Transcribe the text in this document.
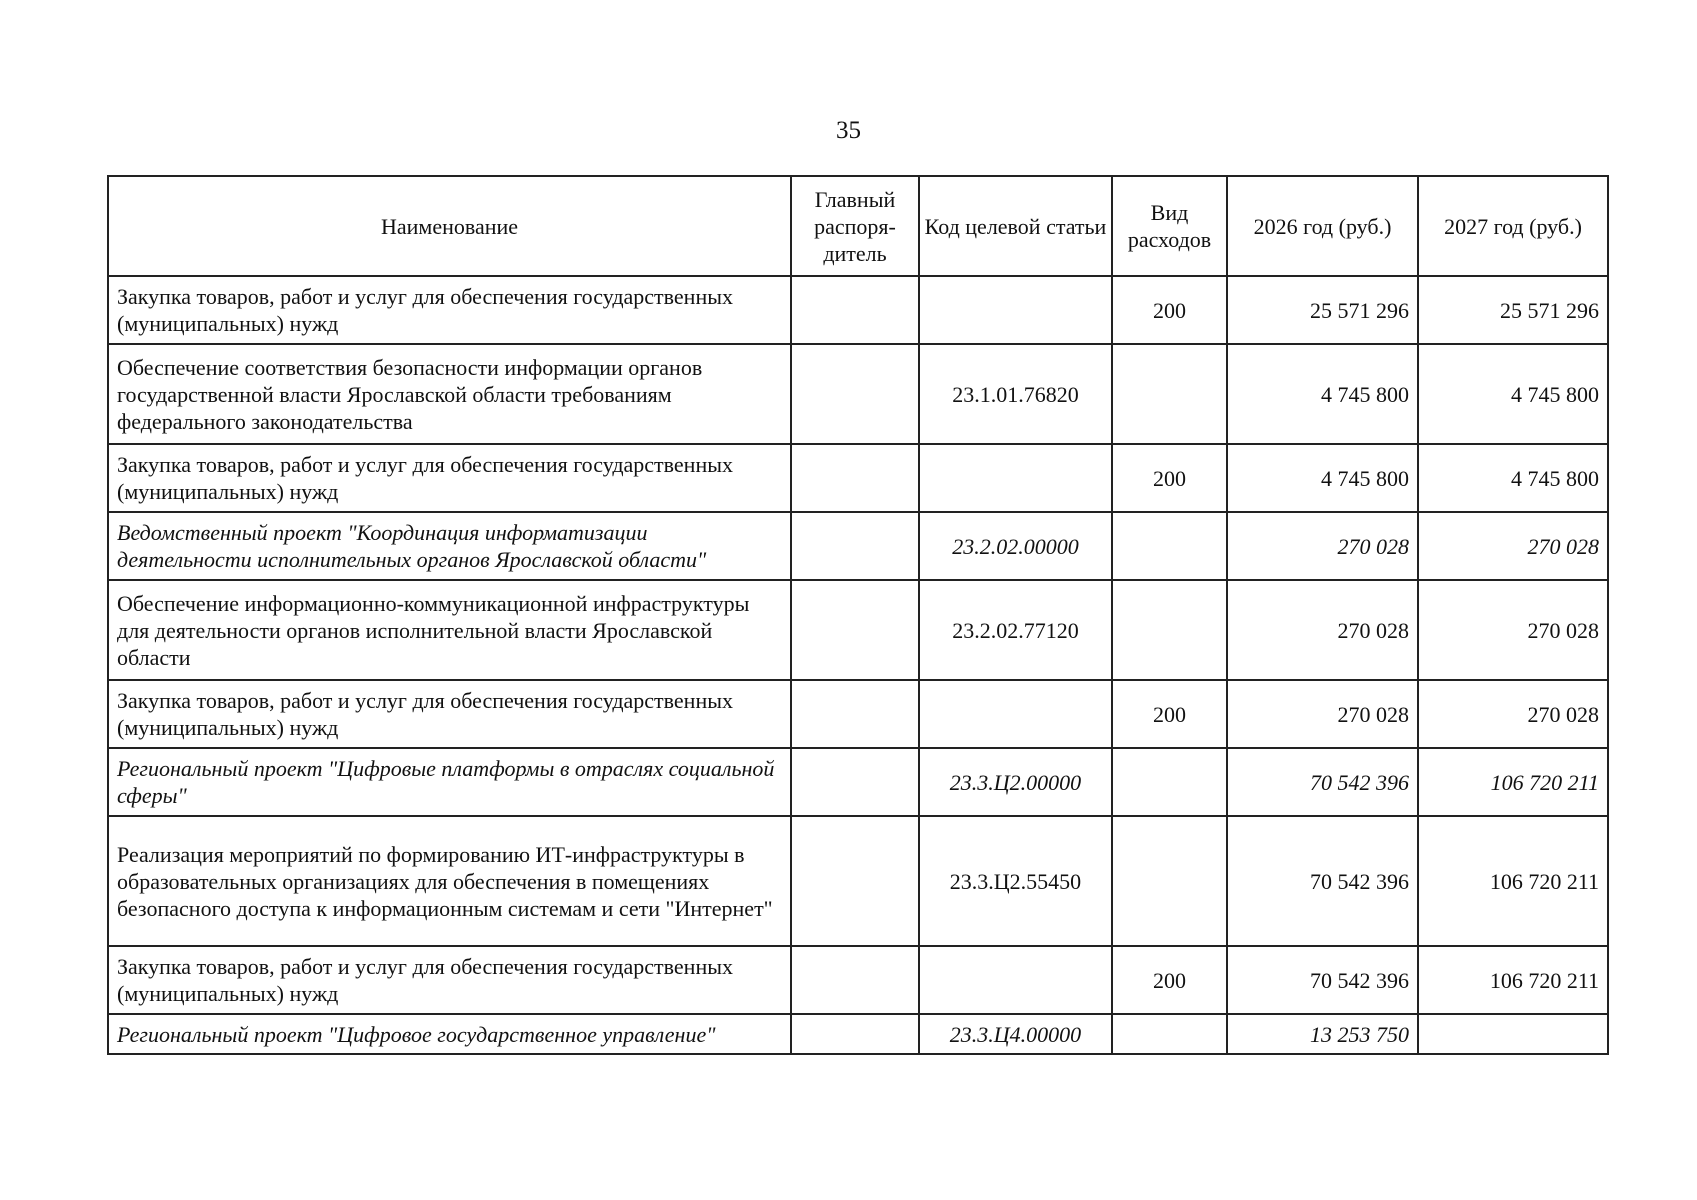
35
Наименование	Главный распоря-дитель	Код целевой статьи	Вид расходов	2026 год (руб.)	2027 год (руб.)
Закупка товаров, работ и услуг для обеспечения государственных (муниципальных) нужд			200	25 571 296	25 571 296
Обеспечение соответствия безопасности информации органов государственной власти Ярославской области требованиям федерального законодательства		23.1.01.76820		4 745 800	4 745 800
Закупка товаров, работ и услуг для обеспечения государственных (муниципальных) нужд			200	4 745 800	4 745 800
Ведомственный проект "Координация информатизации деятельности исполнительных органов Ярославской области"		23.2.02.00000		270 028	270 028
Обеспечение информационно-коммуникационной инфраструктуры для деятельности органов исполнительной власти Ярославской области		23.2.02.77120		270 028	270 028
Закупка товаров, работ и услуг для обеспечения государственных (муниципальных) нужд			200	270 028	270 028
Региональный проект "Цифровые платформы в отраслях социальной сферы"		23.3.Ц2.00000		70 542 396	106 720 211
Реализация мероприятий по формированию ИТ-инфраструктуры в образовательных организациях для обеспечения в помещениях безопасного доступа к информационным системам и сети "Интернет"		23.3.Ц2.55450		70 542 396	106 720 211
Закупка товаров, работ и услуг для обеспечения государственных (муниципальных) нужд			200	70 542 396	106 720 211
Региональный проект "Цифровое государственное управление"		23.3.Ц4.00000		13 253 750	
